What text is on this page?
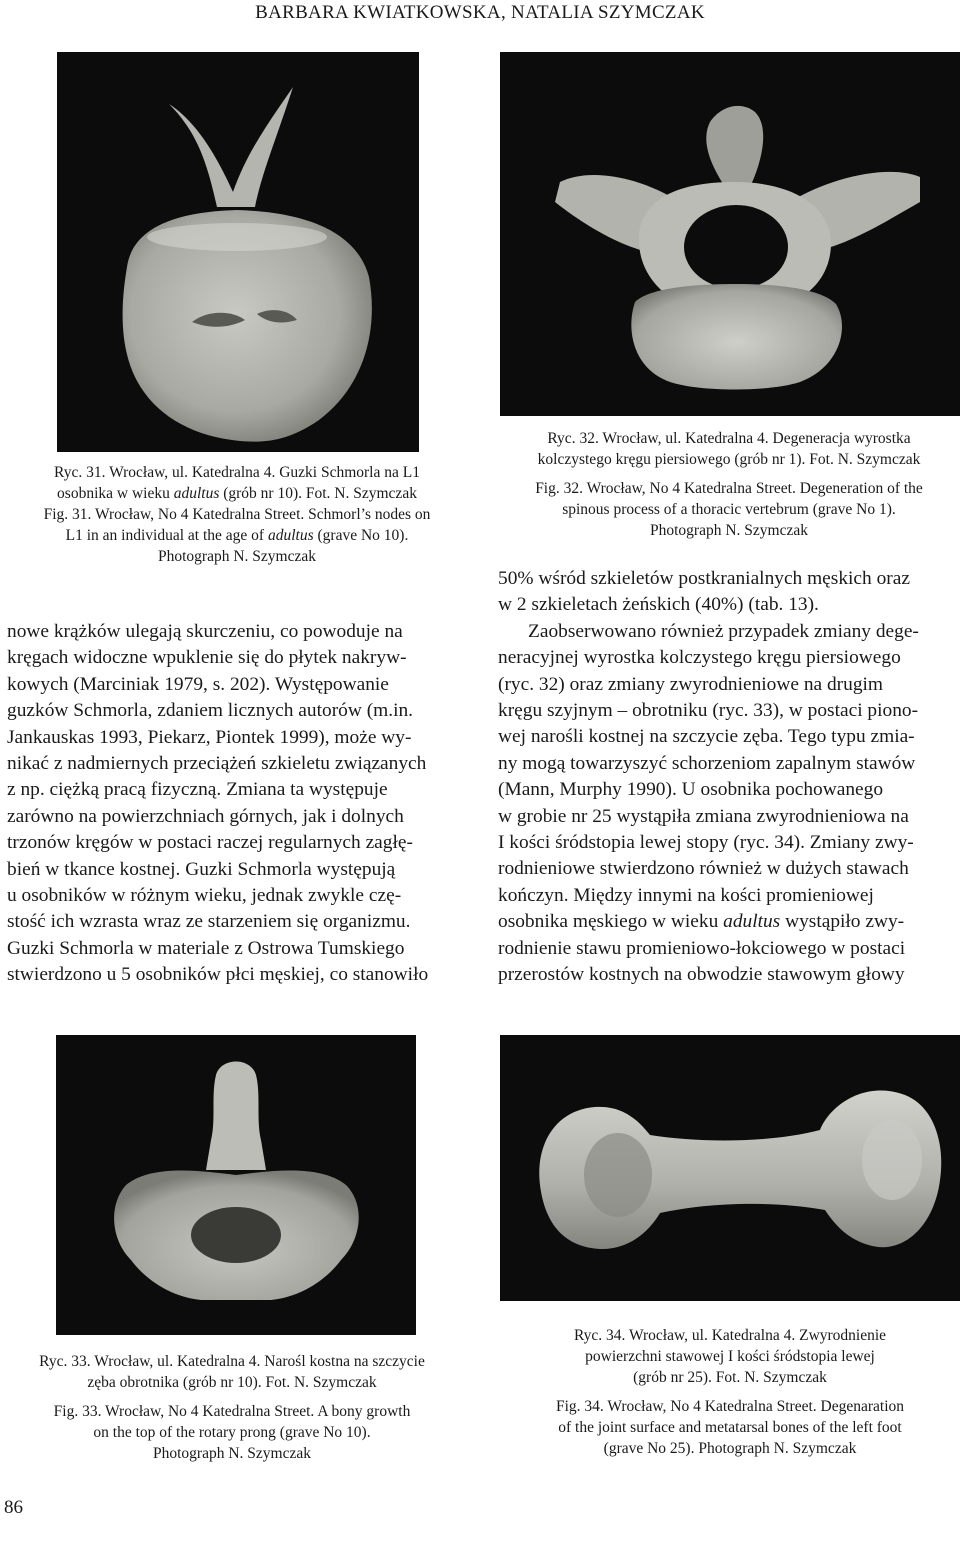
BARBARA KWIATKOWSKA, NATALIA SZYMCZAK

Ryc. 31. Wrocław, ul. Katedralna 4. Guzki Schmorla na L1

osobnika w wieku adultus (grób nr 10). Fot. N. Szymczak

Fig. 31. Wrocław, No 4 Katedralna Street. Schmorl’s nodes on

L1 in an individual at the age of adultus (grave No 10).

Photograph N. Szymczak

Ryc. 32. Wrocław, ul. Katedralna 4. Degeneracja wyrostka

kolczystego kręgu piersiowego (grób nr 1). Fot. N. Szymczak

Fig. 32. Wrocław, No 4 Katedralna Street. Degeneration of the

spinous process of a thoracic vertebrum (grave No 1).

Photograph N. Szymczak

nowe krążków ulegają skurczeniu, co powoduje na

kręgach widoczne wpuklenie się do płytek nakryw-

kowych (Marciniak 1979, s. 202). Występowanie

guzków Schmorla, zdaniem licznych autorów (m.in.

Jankauskas 1993, Piekarz, Piontek 1999), może wy-

nikać z nadmiernych przeciążeń szkieletu związanych

z np. ciężką pracą fizyczną. Zmiana ta występuje

zarówno na powierzchniach górnych, jak i dolnych

trzonów kręgów w postaci raczej regularnych zagłę-

bień w tkance kostnej. Guzki Schmorla występują

u osobników w różnym wieku, jednak zwykle czę-

stość ich wzrasta wraz ze starzeniem się organizmu.

Guzki Schmorla w materiale z Ostrowa Tumskiego

stwierdzono u 5 osobników płci męskiej, co stanowiło

50% wśród szkieletów postkranialnych męskich oraz

w 2 szkieletach żeńskich (40%) (tab. 13).

Zaobserwowano również przypadek zmiany dege-

neracyjnej wyrostka kolczystego kręgu piersiowego

(ryc. 32) oraz zmiany zwyrodnieniowe na drugim

kręgu szyjnym – obrotniku (ryc. 33), w postaci piono-

wej narośli kostnej na szczycie zęba. Tego typu zmia-

ny mogą towarzyszyć schorzeniom zapalnym stawów

(Mann, Murphy 1990). U osobnika pochowanego

w grobie nr 25 wystąpiła zmiana zwyrodnieniowa na

I kości śródstopia lewej stopy (ryc. 34). Zmiany zwy-

rodnieniowe stwierdzono również w dużych stawach

kończyn. Między innymi na kości promieniowej

osobnika męskiego w wieku adultus wystąpiło zwy-

rodnienie stawu promieniowo-łokciowego w postaci

przerostów kostnych na obwodzie stawowym głowy

Ryc. 33. Wrocław, ul. Katedralna 4. Narośl kostna na szczycie

zęba obrotnika (grób nr 10). Fot. N. Szymczak

Fig. 33. Wrocław, No 4 Katedralna Street. A bony growth

on the top of the rotary prong (grave No 10).

Photograph N. Szymczak

Ryc. 34. Wrocław, ul. Katedralna 4. Zwyrodnienie

powierzchni stawowej I kości śródstopia lewej

(grób nr 25). Fot. N. Szymczak

Fig. 34. Wrocław, No 4 Katedralna Street. Degenaration

of the joint surface and metatarsal bones of the left foot

(grave No 25). Photograph N. Szymczak

86
